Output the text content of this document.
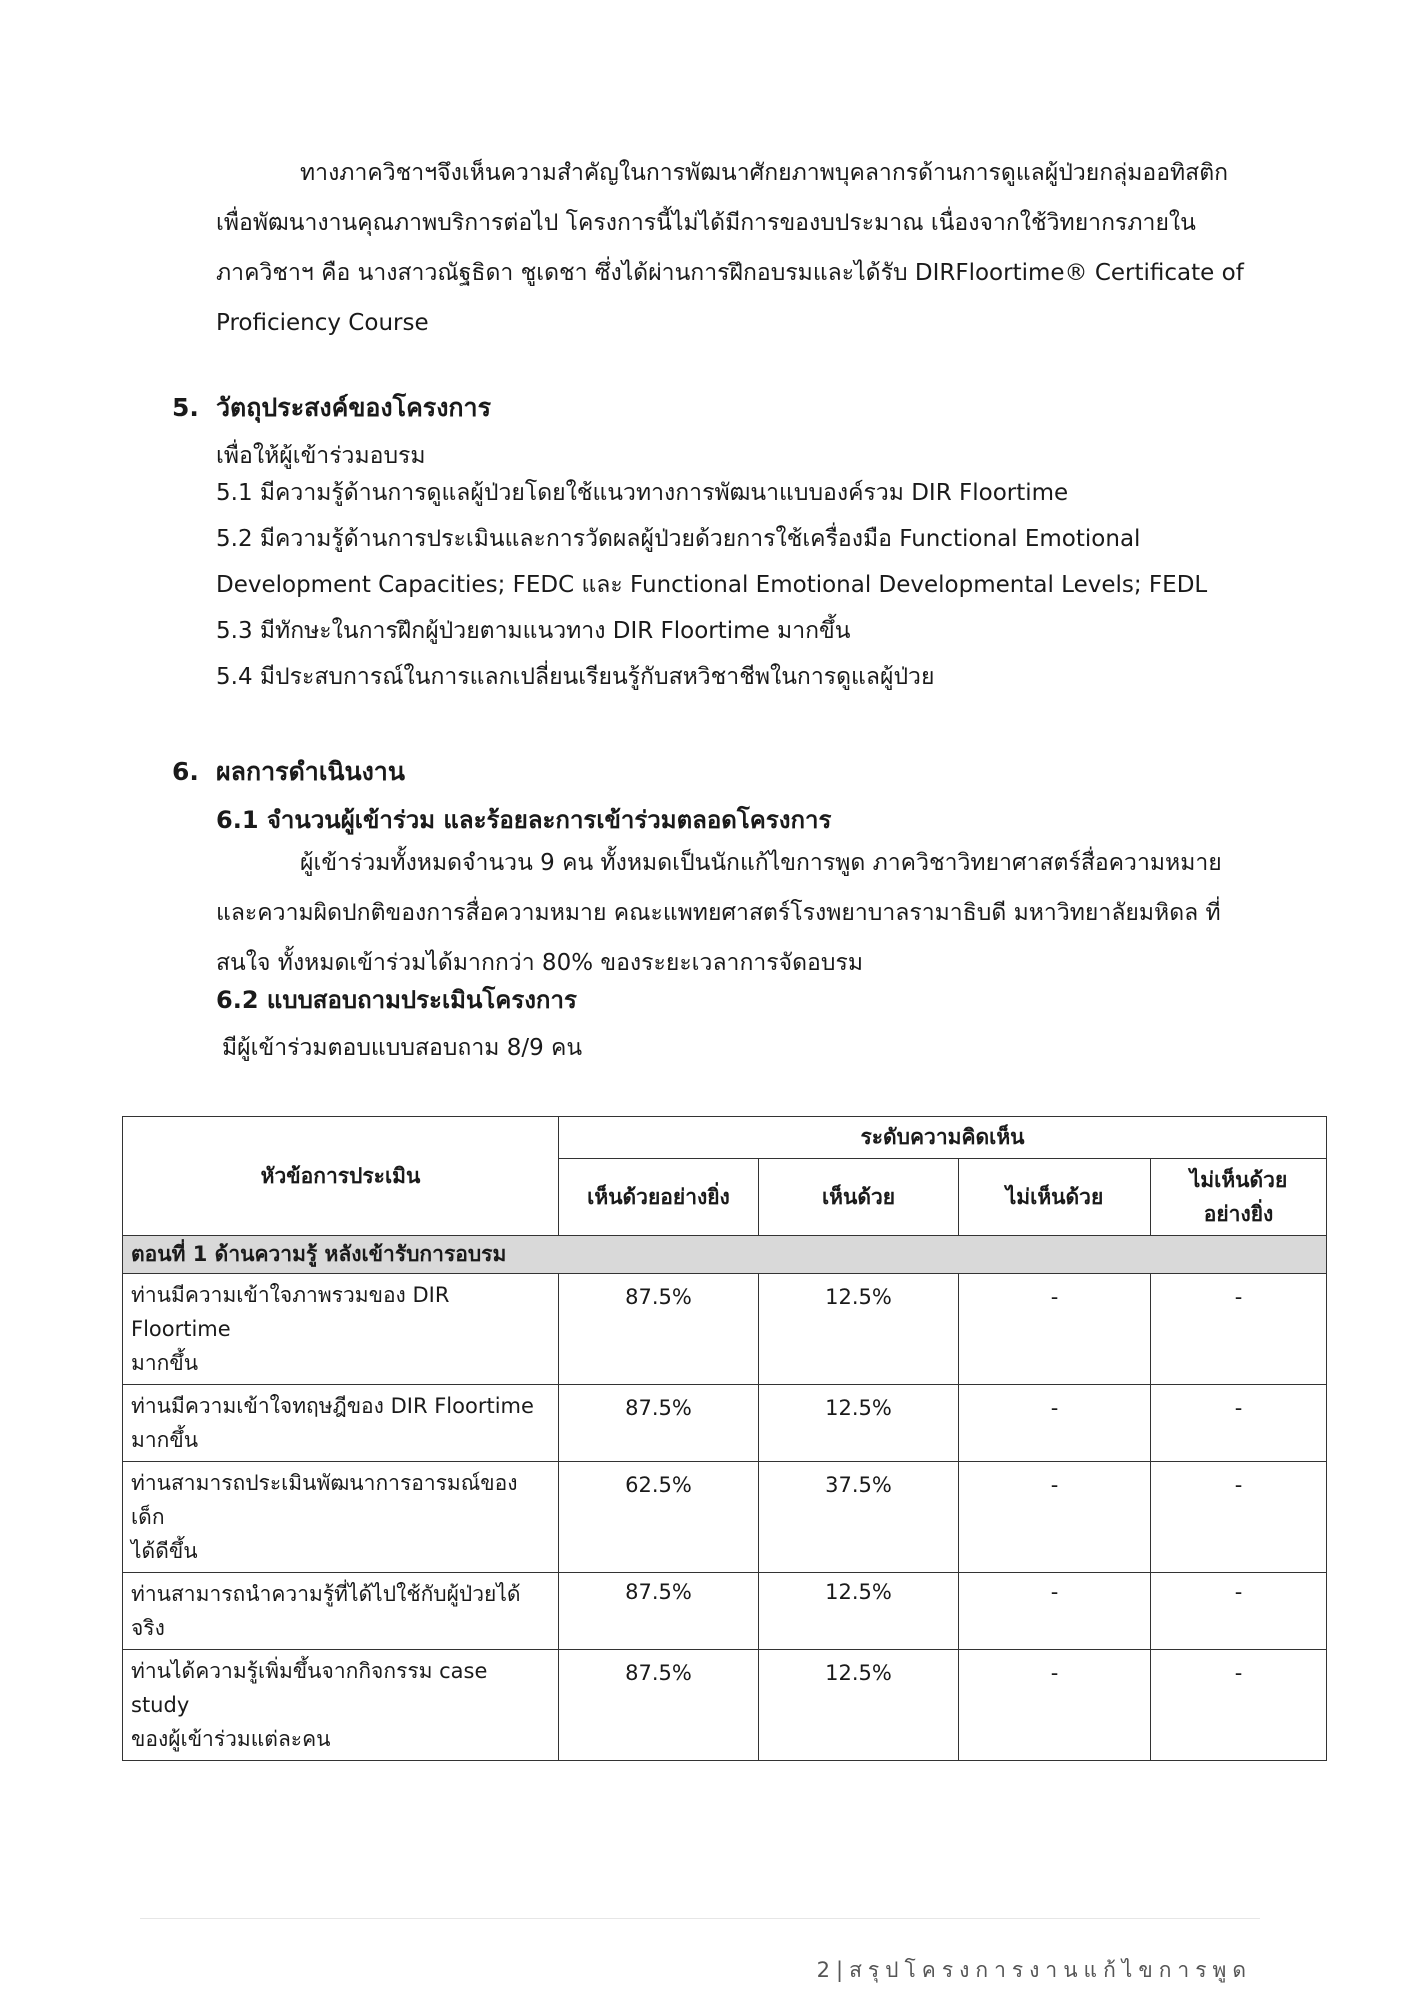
ทางภาควิชาฯจึงเห็นความสำคัญในการพัฒนาศักยภาพบุคลากรด้านการดูแลผู้ป่วยกลุ่มออทิสติก
เพื่อพัฒนางานคุณภาพบริการต่อไป โครงการนี้ไม่ได้มีการของบประมาณ เนื่องจากใช้วิทยากรภายใน
ภาควิชาฯ คือ นางสาวณัฐธิดา ชูเดชา ซึ่งได้ผ่านการฝึกอบรมและได้รับ DIRFloortime® Certificate of
Proficiency Course

5. วัตถุประสงค์ของโครงการ

เพื่อให้ผู้เข้าร่วมอบรม

5.1 มีความรู้ด้านการดูแลผู้ป่วยโดยใช้แนวทางการพัฒนาแบบองค์รวม DIR Floortime

5.2 มีความรู้ด้านการประเมินและการวัดผลผู้ป่วยด้วยการใช้เครื่องมือ Functional Emotional

Development Capacities; FEDC และ Functional Emotional Developmental Levels; FEDL

5.3 มีทักษะในการฝึกผู้ป่วยตามแนวทาง DIR Floortime มากขึ้น

5.4 มีประสบการณ์ในการแลกเปลี่ยนเรียนรู้กับสหวิชาชีพในการดูแลผู้ป่วย

6. ผลการดำเนินงาน

6.1 จำนวนผู้เข้าร่วม และร้อยละการเข้าร่วมตลอดโครงการ

ผู้เข้าร่วมทั้งหมดจำนวน 9 คน ทั้งหมดเป็นนักแก้ไขการพูด ภาควิชาวิทยาศาสตร์สื่อความหมาย
และความผิดปกติของการสื่อความหมาย คณะแพทยศาสตร์โรงพยาบาลรามาธิบดี มหาวิทยาลัยมหิดล ที่
สนใจ ทั้งหมดเข้าร่วมได้มากกว่า 80% ของระยะเวลาการจัดอบรม

6.2 แบบสอบถามประเมินโครงการ

มีผู้เข้าร่วมตอบแบบสอบถาม 8/9 คน

หัวข้อการประเมิน	ระดับความคิดเห็น			
	เห็นด้วยอย่างยิ่ง	เห็นด้วย	ไม่เห็นด้วย	ไม่เห็นด้วย
อย่างยิ่ง
ตอนที่ 1 ด้านความรู้ หลังเข้ารับการอบรม				
ท่านมีความเข้าใจภาพรวมของ DIR Floortime
มากขึ้น	87.5%	12.5%	-	-
ท่านมีความเข้าใจทฤษฎีของ DIR Floortime
มากขึ้น	87.5%	12.5%	-	-
ท่านสามารถประเมินพัฒนาการอารมณ์ของเด็ก
ได้ดีขึ้น	62.5%	37.5%	-	-
ท่านสามารถนำความรู้ที่ได้ไปใช้กับผู้ป่วยได้จริง	87.5%	12.5%	-	-
ท่านได้ความรู้เพิ่มขึ้นจากกิจกรรม case study
ของผู้เข้าร่วมแต่ละคน	87.5%	12.5%	-	-
2|สรุปโครงการงานแก้ไขการพูด
